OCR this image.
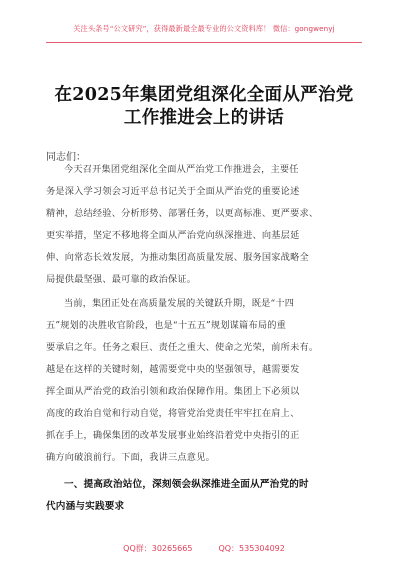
关注头条号“公文研究”，获得最新最全最专业的公文资料库！ 微信：gongwenyj
在2025年集团党组深化全面从严治党
工作推进会上的讲话
同志们：
今天召开集团党组深化全面从严治党工作推进会，主要任
务是深入学习领会习近平总书记关于全面从严治党的重要论述
精神，总结经验、分析形势、部署任务，以更高标准、更严要求、
更实举措，坚定不移地将全面从严治党向纵深推进、向基层延
伸、向常态长效发展，为推动集团高质量发展、服务国家战略全
局提供最坚强、最可靠的政治保证。
当前，集团正处在高质量发展的关键跃升期，既是“十四
五”规划的决胜收官阶段，也是“十五五”规划谋篇布局的重
要承启之年。任务之艰巨、责任之重大、使命之光荣，前所未有。
越是在这样的关键时刻，越需要党中央的坚强领导，越需要发
挥全面从严治党的政治引领和政治保障作用。集团上下必须以
高度的政治自觉和行动自觉，将管党治党责任牢牢扛在肩上、
抓在手上，确保集团的改革发展事业始终沿着党中央指引的正
确方向破浪前行。下面，我讲三点意见。
一、提高政治站位，深刻领会纵深推进全面从严治党的时
代内涵与实践要求
QQ群：30265665	QQ：535304092
